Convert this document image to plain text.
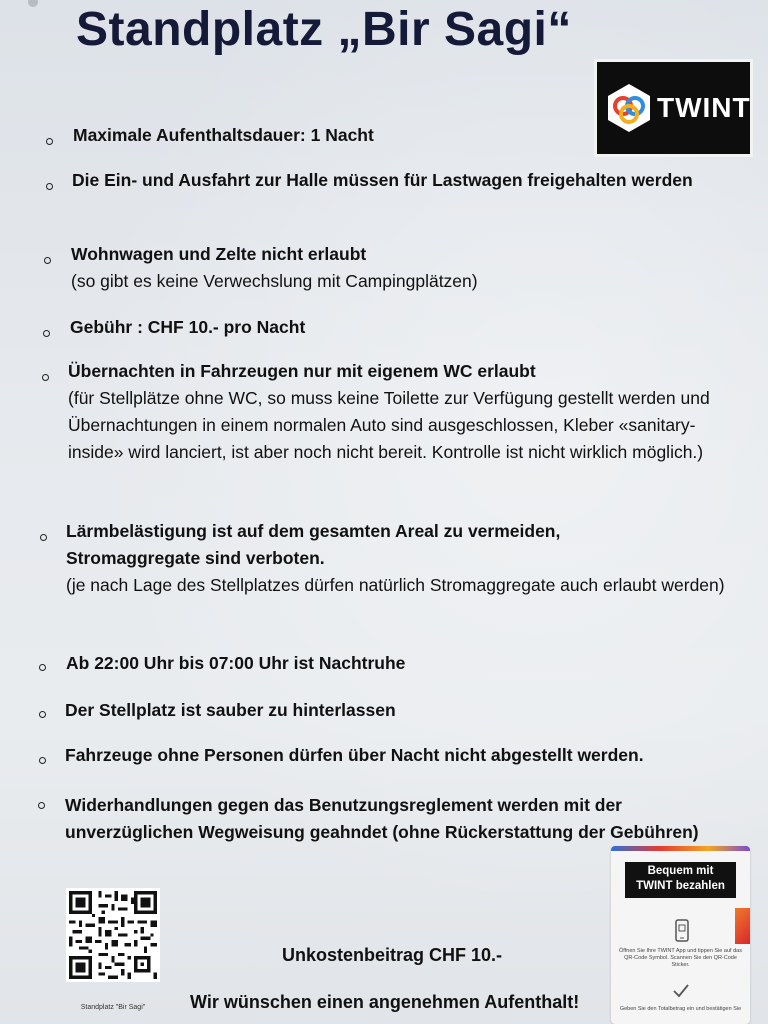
Standplatz „Bir Sagi“
TWINT
Maximale Aufenthaltsdauer: 1 Nacht
Die Ein- und Ausfahrt zur Halle müssen für Lastwagen freigehalten werden
Wohnwagen und Zelte nicht erlaubt
(so gibt es keine Verwechslung mit Campingplätzen)
Gebühr : CHF 10.- pro Nacht
Übernachten in Fahrzeugen nur mit eigenem WC erlaubt
(für Stellplätze ohne WC, so muss keine Toilette zur Verfügung gestellt werden und Übernachtungen in einem normalen Auto sind ausgeschlossen, Kleber «sanitary-inside» wird lanciert, ist aber noch nicht bereit. Kontrolle ist nicht wirklich möglich.)
Lärmbelästigung ist auf dem gesamten Areal zu vermeiden, Stromaggregate sind verboten.
(je nach Lage des Stellplatzes dürfen natürlich Stromaggregate auch erlaubt werden)
Ab 22:00 Uhr bis 07:00 Uhr ist Nachtruhe
Der Stellplatz ist sauber zu hinterlassen
Fahrzeuge ohne Personen dürfen über Nacht nicht abgestellt werden.
Widerhandlungen gegen das Benutzungsreglement werden mit der unverzüglichen Wegweisung geahndet (ohne Rückerstattung der Gebühren)
Standplatz "Bir Sagi"
Unkostenbeitrag CHF 10.-
Wir wünschen einen angenehmen Aufenthalt!
Bequem mit
TWINT bezahlen
Öffnen Sie Ihre TWINT App und tippen Sie auf das QR-Code Symbol. Scannen Sie den QR-Code Sticker.
Geben Sie den Totalbetrag ein und bestätigen Sie
